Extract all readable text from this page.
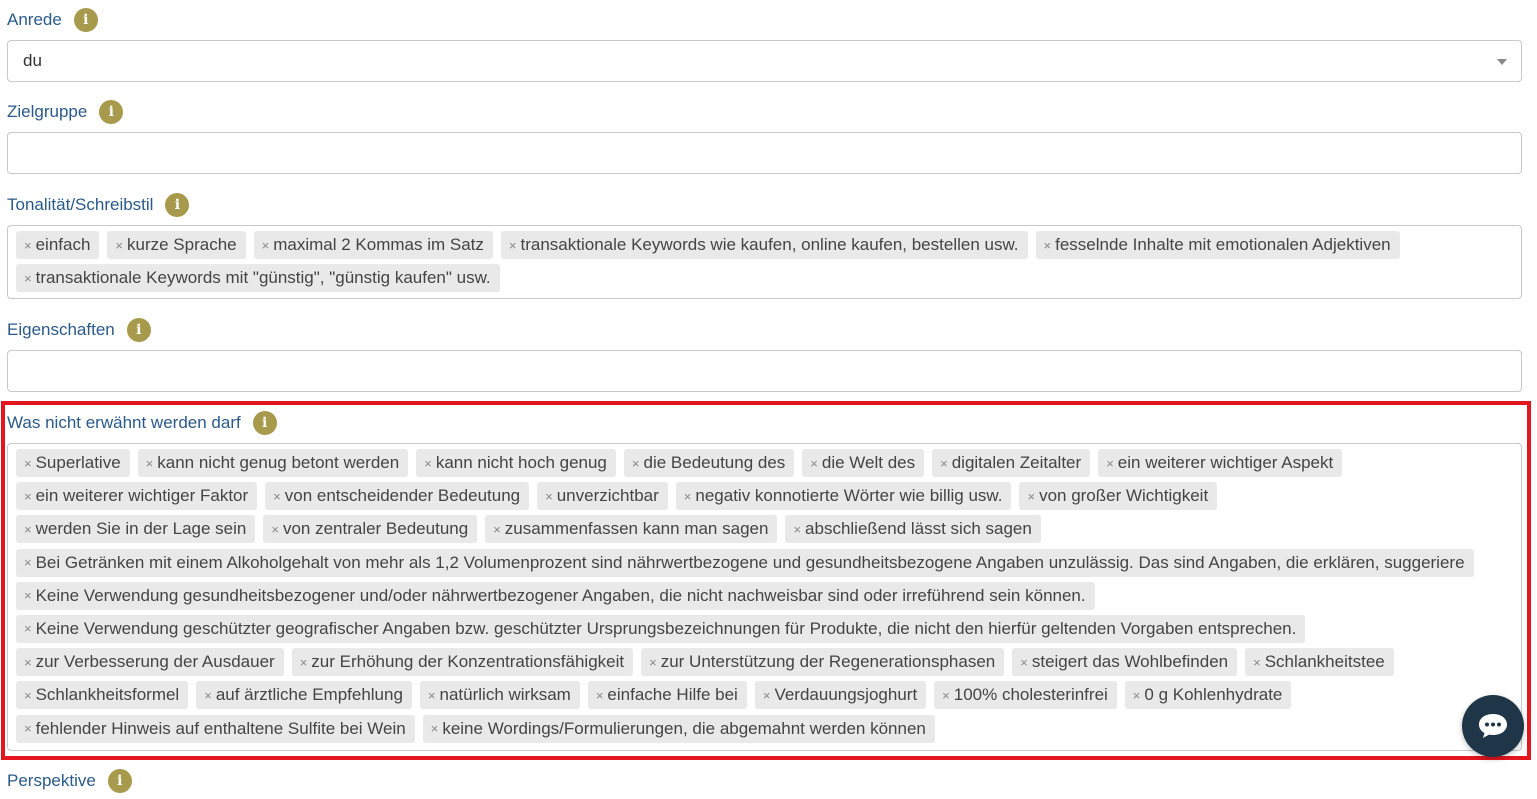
Anrede	i
du
Zielgruppe	i
Tonalität/Schreibstil	i
× einfach × kurze Sprache × maximal 2 Kommas im Satz × transaktionale Keywords wie kaufen, online kaufen, bestellen usw. × fesselnde Inhalte mit emotionalen Adjektiven
× transaktionale Keywords mit "günstig", "günstig kaufen" usw.
Eigenschaften	i
Was nicht erwähnt werden darf	i
× Superlative × kann nicht genug betont werden × kann nicht hoch genug × die Bedeutung des × die Welt des × digitalen Zeitalter × ein weiterer wichtiger Aspekt
× ein weiterer wichtiger Faktor × von entscheidender Bedeutung × unverzichtbar × negativ konnotierte Wörter wie billig usw. × von großer Wichtigkeit
× werden Sie in der Lage sein × von zentraler Bedeutung × zusammenfassen kann man sagen × abschließend lässt sich sagen
× Bei Getränken mit einem Alkoholgehalt von mehr als 1,2 Volumenprozent sind nährwertbezogene und gesundheitsbezogene Angaben unzulässig. Das sind Angaben, die erklären, suggeriere
× Keine Verwendung gesundheitsbezogener und/oder nährwertbezogener Angaben, die nicht nachweisbar sind oder irreführend sein können.
× Keine Verwendung geschützter geografischer Angaben bzw. geschützter Ursprungsbezeichnungen für Produkte, die nicht den hierfür geltenden Vorgaben entsprechen.
× zur Verbesserung der Ausdauer × zur Erhöhung der Konzentrationsfähigkeit × zur Unterstützung der Regenerationsphasen × steigert das Wohlbefinden × Schlankheitstee
× Schlankheitsformel × auf ärztliche Empfehlung × natürlich wirksam × einfache Hilfe bei × Verdauungsjoghurt × 100% cholesterinfrei × 0 g Kohlenhydrate
× fehlender Hinweis auf enthaltene Sulfite bei Wein × keine Wordings/Formulierungen, die abgemahnt werden können
Perspektive	i
